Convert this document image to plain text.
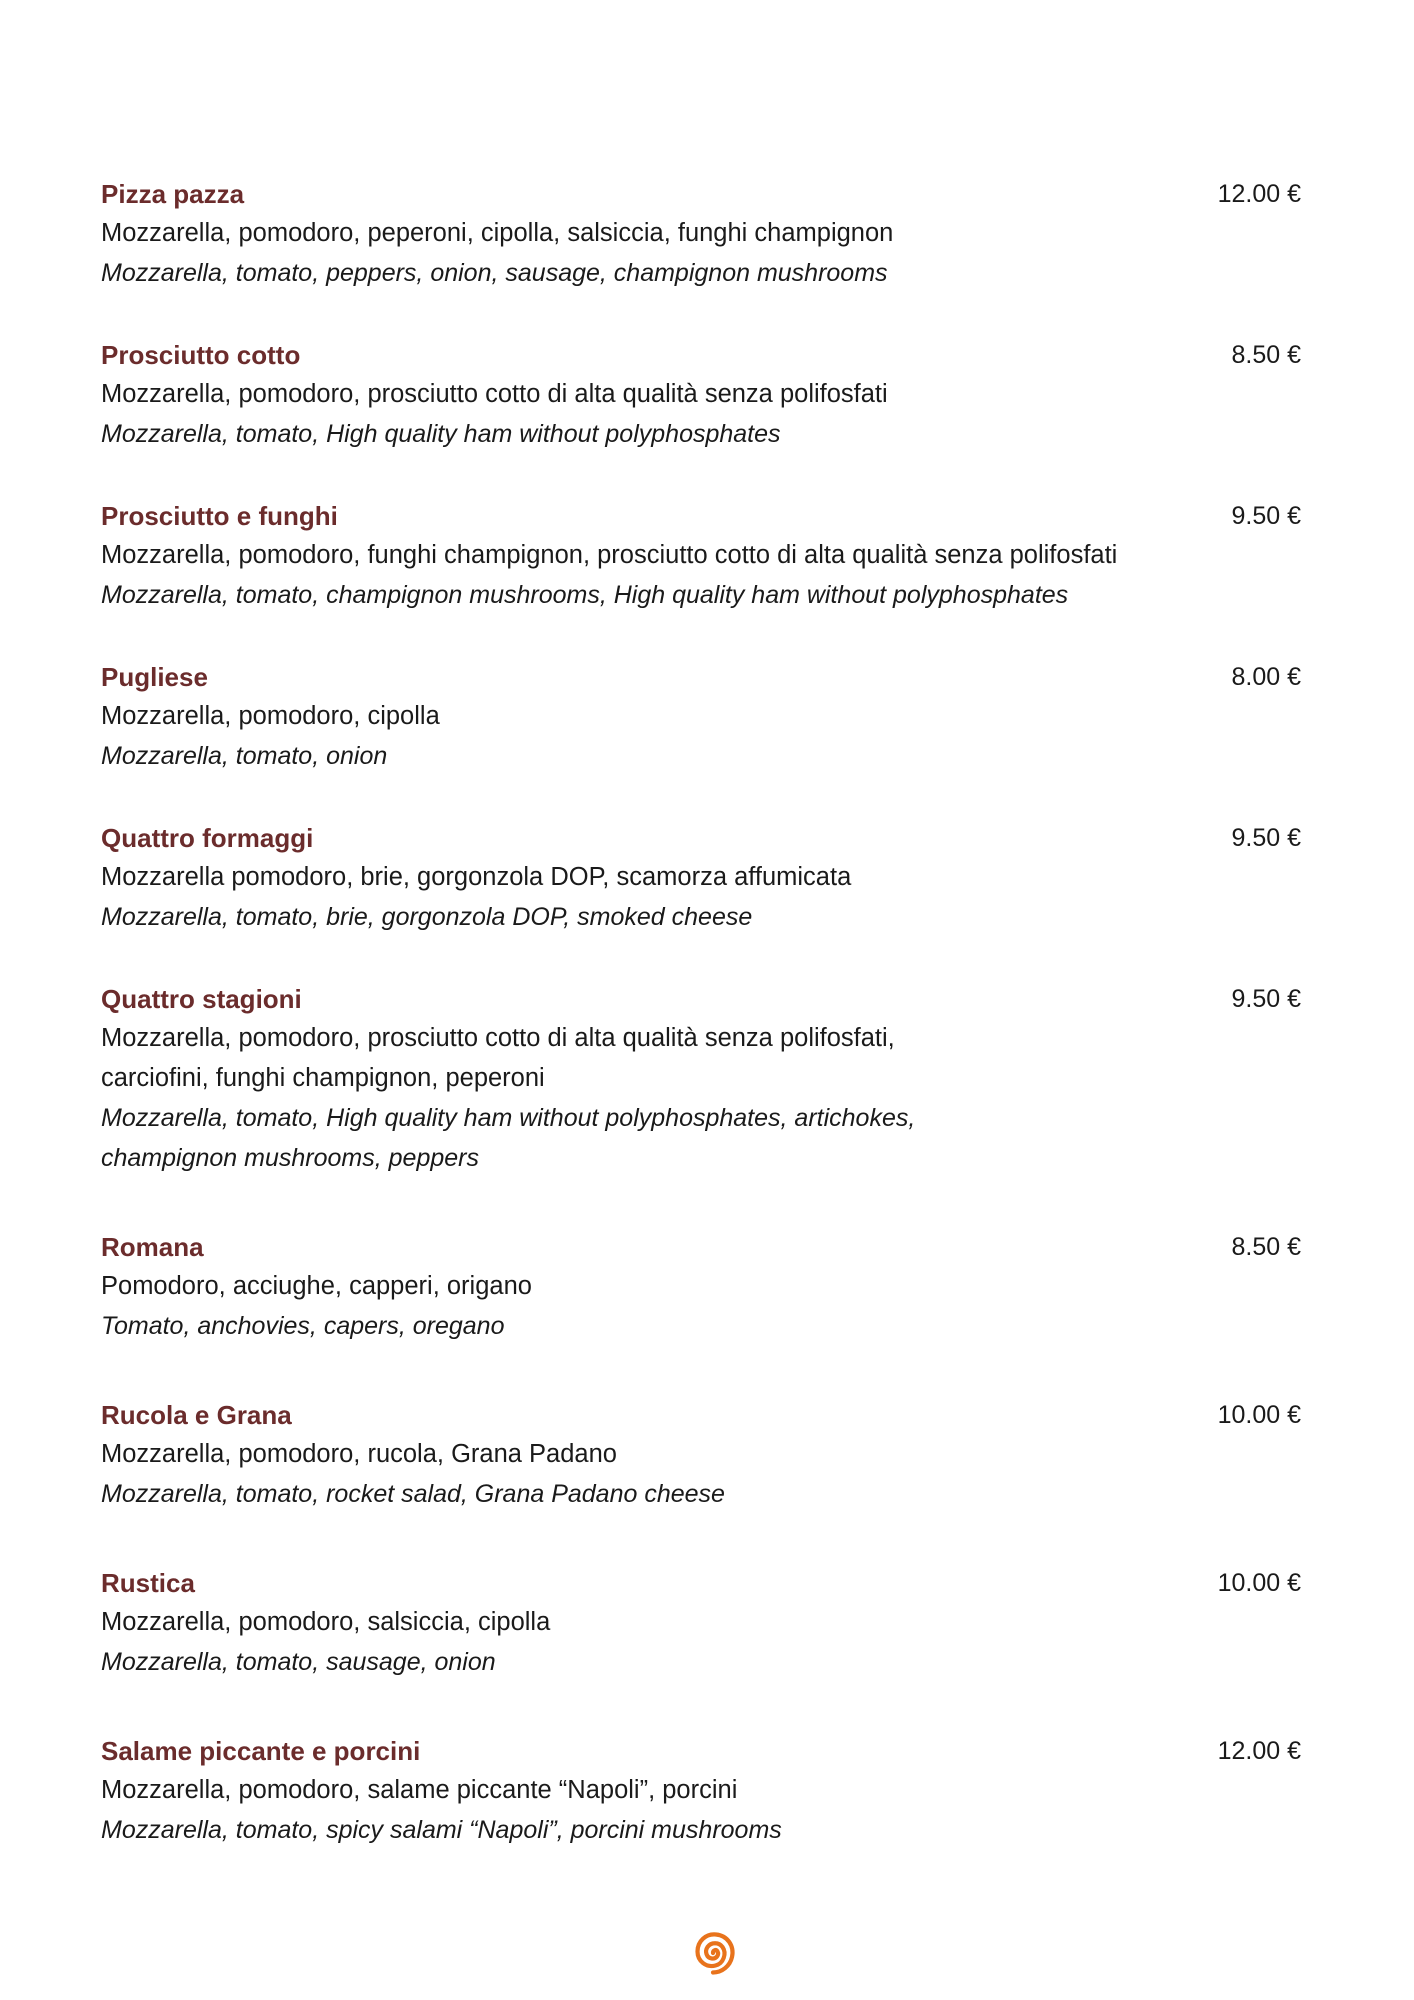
Pizza pazza	12.00 €
Mozzarella, pomodoro, peperoni, cipolla, salsiccia, funghi champignon
Mozzarella, tomato, peppers, onion, sausage, champignon mushrooms
Prosciutto cotto	8.50 €
Mozzarella, pomodoro, prosciutto cotto di alta qualità senza polifosfati
Mozzarella, tomato, High quality ham without polyphosphates
Prosciutto e funghi	9.50 €
Mozzarella, pomodoro, funghi champignon, prosciutto cotto di alta qualità senza polifosfati
Mozzarella, tomato, champignon mushrooms, High quality ham without polyphosphates
Pugliese	8.00 €
Mozzarella, pomodoro, cipolla
Mozzarella, tomato, onion
Quattro formaggi	9.50 €
Mozzarella pomodoro, brie, gorgonzola DOP, scamorza affumicata
Mozzarella, tomato, brie, gorgonzola DOP, smoked cheese
Quattro stagioni	9.50 €
Mozzarella, pomodoro, prosciutto cotto di alta qualità senza polifosfati, carciofini, funghi champignon, peperoni
Mozzarella, tomato, High quality ham without polyphosphates, artichokes, champignon mushrooms, peppers
Romana	8.50 €
Pomodoro, acciughe, capperi, origano
Tomato, anchovies, capers, oregano
Rucola e Grana	10.00 €
Mozzarella, pomodoro, rucola, Grana Padano
Mozzarella, tomato, rocket salad, Grana Padano cheese
Rustica	10.00 €
Mozzarella, pomodoro, salsiccia, cipolla
Mozzarella, tomato, sausage, onion
Salame piccante e porcini	12.00 €
Mozzarella, pomodoro, salame piccante “Napoli”, porcini
Mozzarella, tomato, spicy salami “Napoli”, porcini mushrooms
